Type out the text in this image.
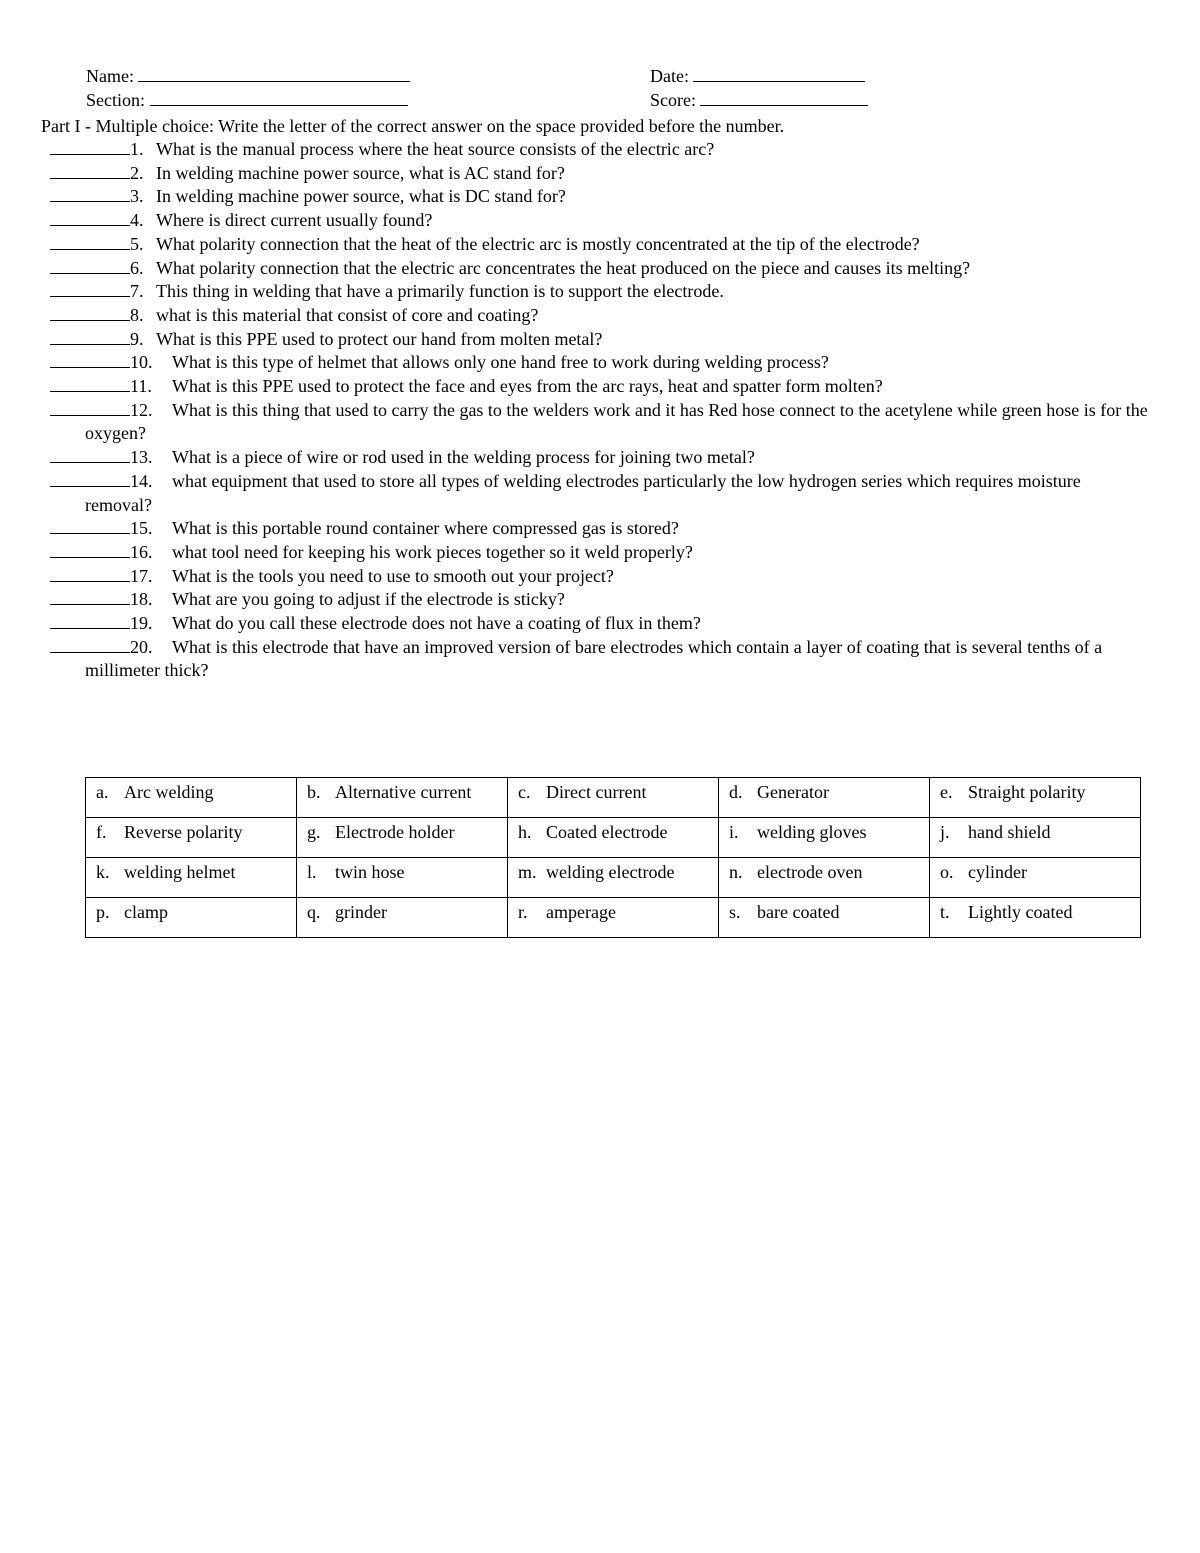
Name:	Date:
Section:	Score:
Part I - Multiple choice: Write the letter of the correct answer on the space provided before the number.
1. What is the manual process where the heat source consists of the electric arc?
2. In welding machine power source, what is AC stand for?
3. In welding machine power source, what is DC stand for?
4. Where is direct current usually found?
5. What polarity connection that the heat of the electric arc is mostly concentrated at the tip of the electrode?
6. What polarity connection that the electric arc concentrates the heat produced on the piece and causes its melting?
7. This thing in welding that have a primarily function is to support the electrode.
8. what is this material that consist of core and coating?
9. What is this PPE used to protect our hand from molten metal?
10. What is this type of helmet that allows only one hand free to work during welding process?
11. What is this PPE used to protect the face and eyes from the arc rays, heat and spatter form molten?
12. What is this thing that used to carry the gas to the welders work and it has Red hose connect to the acetylene while green hose is for the oxygen?
13. What is a piece of wire or rod used in the welding process for joining two metal?
14. what equipment that used to store all types of welding electrodes particularly the low hydrogen series which requires moisture removal?
15. What is this portable round container where compressed gas is stored?
16. what tool need for keeping his work pieces together so it weld properly?
17. What is the tools you need to use to smooth out your project?
18. What are you going to adjust if the electrode is sticky?
19. What do you call these electrode does not have a coating of flux in them?
20. What is this electrode that have an improved version of bare electrodes which contain a layer of coating that is several tenths of a millimeter thick?
a. Arc welding	b. Alternative current	c. Direct current	d. Generator	e. Straight polarity
f. Reverse polarity	g. Electrode holder	h. Coated electrode	i. welding gloves	j. hand shield
k. welding helmet	l. twin hose	m. welding electrode	n. electrode oven	o. cylinder
p. clamp	q. grinder	r. amperage	s. bare coated	t. Lightly coated
